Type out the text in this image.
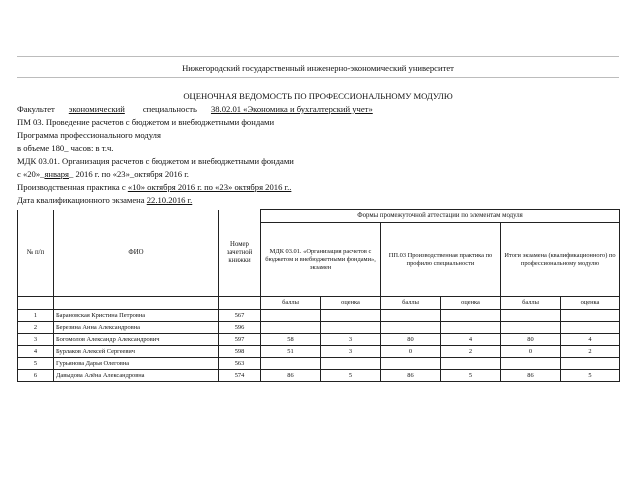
Нижегородский государственный инженерно-экономический университет
ОЦЕНОЧНАЯ ВЕДОМОСТЬ ПО ПРОФЕССИОНАЛЬНОМУ МОДУЛЮ
Факультет экономический специальность 38.02.01 «Экономика и бухгалтерский учет»
ПМ 03. Проведение расчетов с бюджетом и внебюджетными фондами
Программа профессионального модуля
в объеме 180_ часов: в т.ч.
МДК 03.01. Организация расчетов с бюджетом и внебюджетными фондами
с «20»_января_ 2016 г. по «23»_октября 2016 г.
Производственная практика с «10» октября 2016 г. по «23» октября 2016 г..
Дата квалификационного экзамена 22.10.2016 г.
№ п/п	ФИО	Номер зачетной книжки	Формы промежуточной аттестации по элементам модуля					
			МДК 03.01. «Организация расчетов с бюджетом и внебюджетными фондами», экзамен		ПП.03 Производственная практика по профилю специальности		Итоги экзамена (квалификационного) по профессиональному модулю	
			баллы	оценка	баллы	оценка	баллы	оценка
1	Барановская Кристина Петровна	567						
2	Березина Анна Александровна	596						
3	Богомолов Александр Александрович	597	58	3	80	4	80	4
4	Бурлаков Алексей Сергеевич	598	51	3	0	2	0	2
5	Гурьянова Дарья Олеговна	563						
6	Давыдова Алёна Александровна	574	86	5	86	5	86	5
